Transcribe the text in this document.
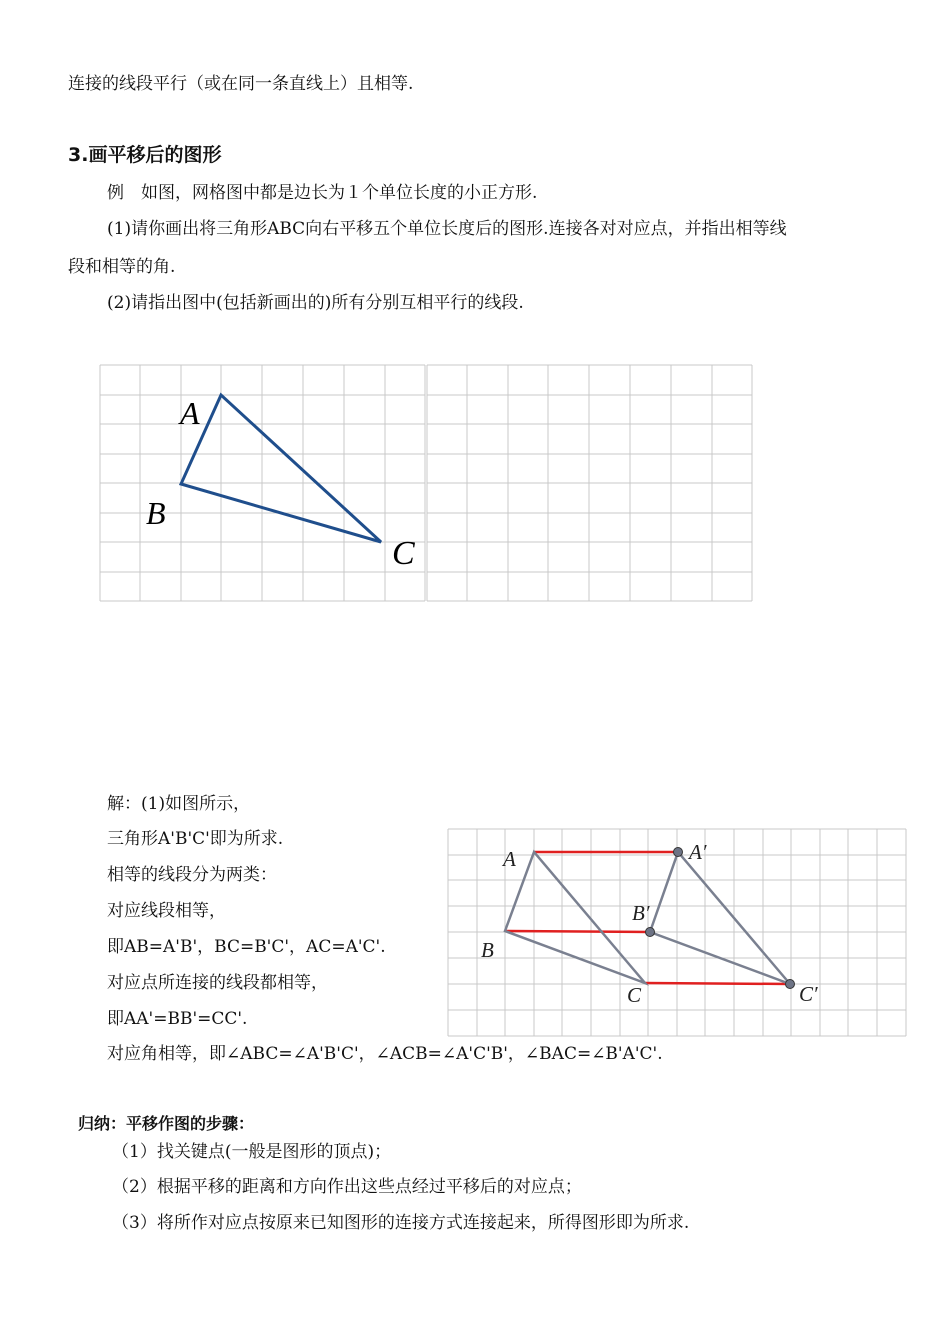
连接的线段平行（或在同一条直线上）且相等.
3.画平移后的图形
例　如图，网格图中都是边长为１个单位长度的小正方形.
(1)请你画出将三角形ABC向右平移五个单位长度后的图形.连接各对对应点，并指出相等线
段和相等的角.
(2)请指出图中(包括新画出的)所有分别互相平行的线段.
A
B
C
解：(1)如图所示，
三角形A'B'C'即为所求.
相等的线段分为两类：
对应线段相等，
即AB=A'B'，BC=B'C'，AC=A'C'.
对应点所连接的线段都相等，
即AA'=BB'=CC'.
对应角相等，即∠ABC=∠A'B'C'，∠ACB=∠A'C'B'，∠BAC=∠B'A'C'.
A
B
C
A′
B′
C′
归纳：平移作图的步骤：
（1）找关键点(一般是图形的顶点)；
（2）根据平移的距离和方向作出这些点经过平移后的对应点；
（3）将所作对应点按原来已知图形的连接方式连接起来，所得图形即为所求.
